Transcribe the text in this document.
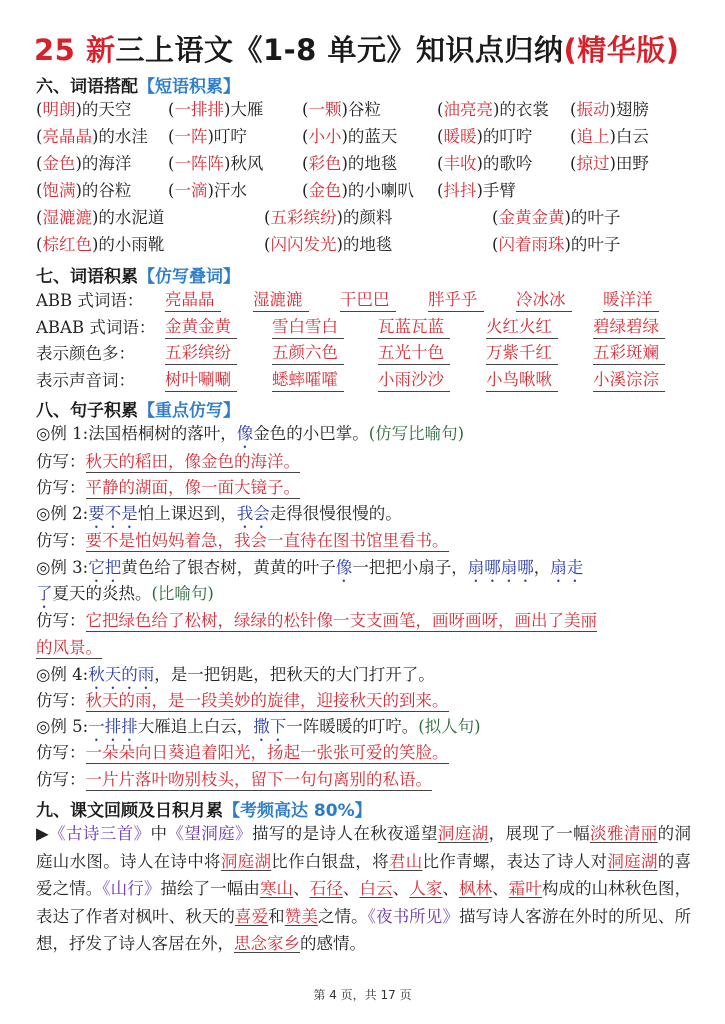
25 新三上语文《1-8 单元》知识点归纳(精华版)
六、词语搭配【短语积累】
(明朗)的天空 (一排排)大雁 (一颗)谷粒	(油亮亮)的衣裳 (振动)翅膀
(亮晶晶)的水洼 (一阵)叮咛	(小小)的蓝天 (暖暖)的叮咛 (追上)白云
(金色)的海洋 (一阵阵)秋风 (彩色)的地毯 (丰收)的歌吟 (掠过)田野
(饱满)的谷粒 (一滴)汗水	(金色)的小喇叭 (抖抖)手臂
(湿漉漉)的水泥道	(五彩缤纷)的颜料	(金黄金黄)的叶子
(棕红色)的小雨靴	(闪闪发光)的地毯	(闪着雨珠)的叶子
七、词语积累【仿写叠词】
ABB 式词语： 亮晶晶	湿漉漉	干巴巴	胖乎乎	冷冰冰	暖洋洋
ABAB 式词语： 金黄金黄	雪白雪白	瓦蓝瓦蓝	火红火红	碧绿碧绿
表示颜色多： 五彩缤纷	五颜六色	五光十色	万紫千红	五彩斑斓
表示声音词： 树叶唰唰	蟋蟀嚯嚯	小雨沙沙	小鸟啾啾	小溪淙淙
八、句子积累【重点仿写】
◎例 1:法国梧桐树的落叶，像金色的小巴掌。(仿写比喻句)
仿写：秋天的稻田，像金色的海洋。
仿写：平静的湖面，像一面大镜子。
◎例 2:要不是怕上课迟到，我会走得很慢很慢的。
仿写：要不是怕妈妈着急，我会一直待在图书馆里看书。
◎例 3:它把黄色给了银杏树，黄黄的叶子像一把把小扇子，扇哪扇哪，扇走
了夏天的炎热。(比喻句)
仿写：它把绿色给了松树，绿绿的松针像一支支画笔，画呀画呀，画出了美丽
的风景。
◎例 4:秋天的雨，是一把钥匙，把秋天的大门打开了。
仿写：秋天的雨，是一段美妙的旋律，迎接秋天的到来。
◎例 5:一排排大雁追上白云，撒下一阵暖暖的叮咛。(拟人句)
仿写：一朵朵向日葵追着阳光，扬起一张张可爱的笑脸。
仿写：一片片落叶吻别枝头，留下一句句离别的私语。
九、课文回顾及日积月累【考频高达 80%】
▶《古诗三首》中《望洞庭》描写的是诗人在秋夜遥望洞庭湖，展现了一幅淡雅清丽的洞庭山水图。诗人在诗中将洞庭湖比作白银盘，将君山比作青螺，表达了诗人对洞庭湖的喜爱之情。《山行》描绘了一幅由寒山、石径、白云、人家、枫林、霜叶构成的山林秋色图，表达了作者对枫叶、秋天的喜爱和赞美之情。《夜书所见》描写诗人客游在外时的所见、所想，抒发了诗人客居在外，思念家乡的感情。
第 4 页，共 17 页
